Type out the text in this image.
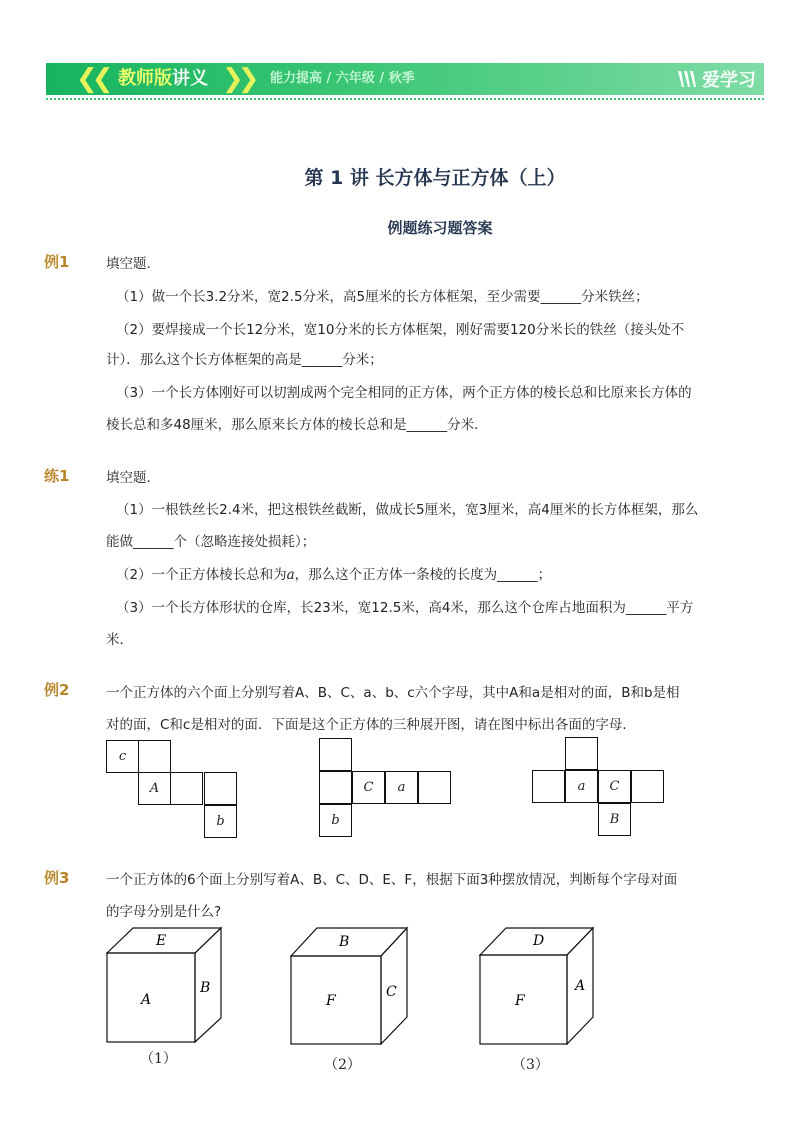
❮❮ 教师版讲义 ❯❯ 能力提高 / 六年级 / 秋季	爱学习
第 1 讲 长方体与正方体（上）
例题练习题答案
例1	填空题．
（1）做一个长3.2分米，宽2.5分米，高5厘米的长方体框架，至少需要______分米铁丝；
（2）要焊接成一个长12分米，宽10分米的长方体框架，刚好需要120分米长的铁丝（接头处不
计）．那么这个长方体框架的高是______分米；
（3）一个长方体刚好可以切割成两个完全相同的正方体，两个正方体的棱长总和比原来长方体的
棱长总和多48厘米，那么原来长方体的棱长总和是______分米．
练1	填空题．
（1）一根铁丝长2.4米，把这根铁丝截断，做成长5厘米，宽3厘米，高4厘米的长方体框架，那么
能做______个（忽略连接处损耗）；
（2）一个正方体棱长总和为a，那么这个正方体一条棱的长度为______；
（3）一个长方体形状的仓库，长23米，宽12.5米，高4米，那么这个仓库占地面积为______平方
米．
例2	一个正方体的六个面上分别写着A、B、C、a、b、c六个字母，其中A和a是相对的面，B和b是相
对的面，C和c是相对的面．下面是这个正方体的三种展开图，请在图中标出各面的字母．
c
A
b
C	a
b
a	C
B
例3	一个正方体的6个面上分别写着A、B、C、D、E、F，根据下面3种摆放情况，判断每个字母对面
的字母分别是什么?
E
A
B
（1）
B
F
C
（2）
D
F
A
（3）
